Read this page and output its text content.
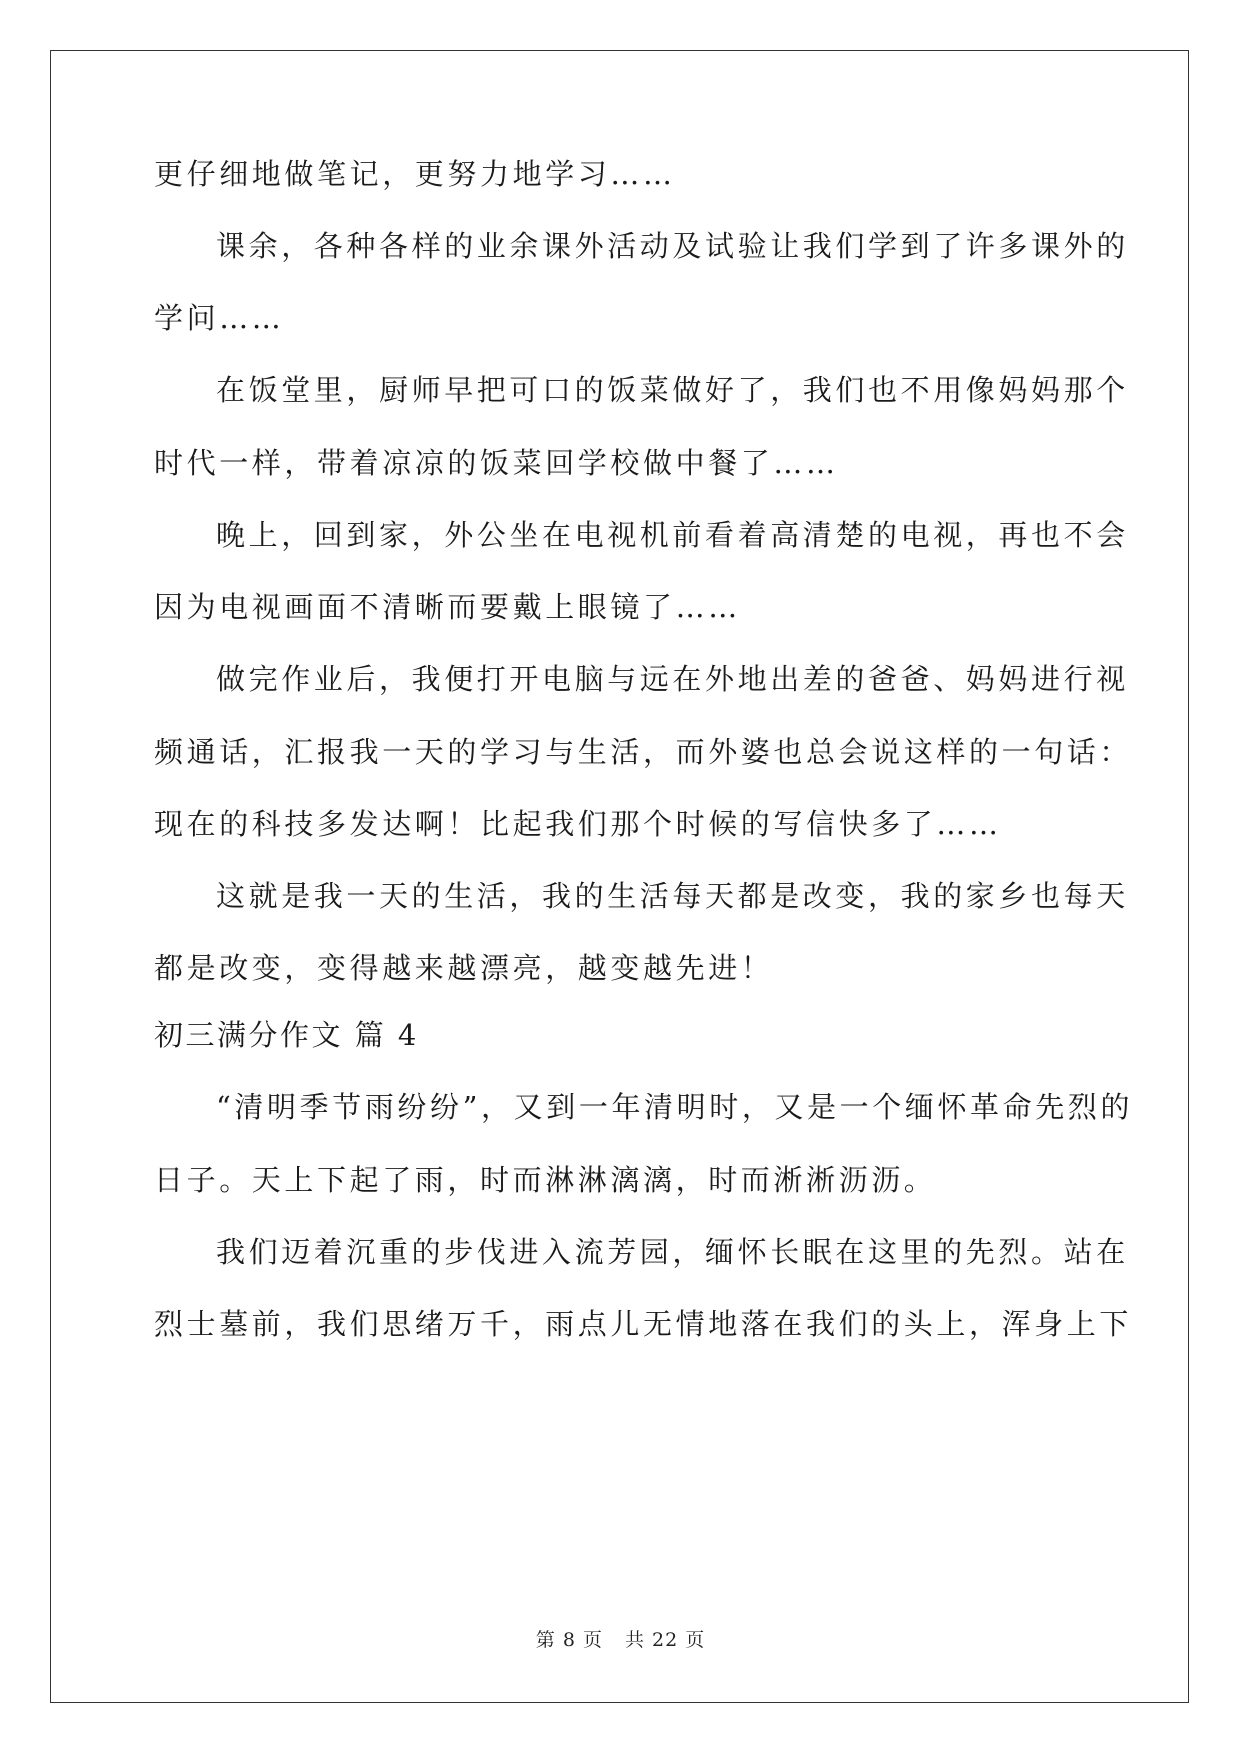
更仔细地做笔记，更努力地学习……
课余，各种各样的业余课外活动及试验让我们学到了许多课外的
学问……
在饭堂里，厨师早把可口的饭菜做好了，我们也不用像妈妈那个
时代一样，带着凉凉的饭菜回学校做中餐了……
晚上，回到家，外公坐在电视机前看着高清楚的电视，再也不会
因为电视画面不清晰而要戴上眼镜了……
做完作业后，我便打开电脑与远在外地出差的爸爸、妈妈进行视
频通话，汇报我一天的学习与生活，而外婆也总会说这样的一句话：
现在的科技多发达啊！比起我们那个时候的写信快多了……
这就是我一天的生活，我的生活每天都是改变，我的家乡也每天
都是改变，变得越来越漂亮，越变越先进！
初三满分作文 篇 4
“清明季节雨纷纷”，又到一年清明时，又是一个缅怀革命先烈的
日子。天上下起了雨，时而淋淋漓漓，时而淅淅沥沥。
我们迈着沉重的步伐进入流芳园，缅怀长眠在这里的先烈。站在
烈士墓前，我们思绪万千，雨点儿无情地落在我们的头上，浑身上下
第 8 页 共 22 页
